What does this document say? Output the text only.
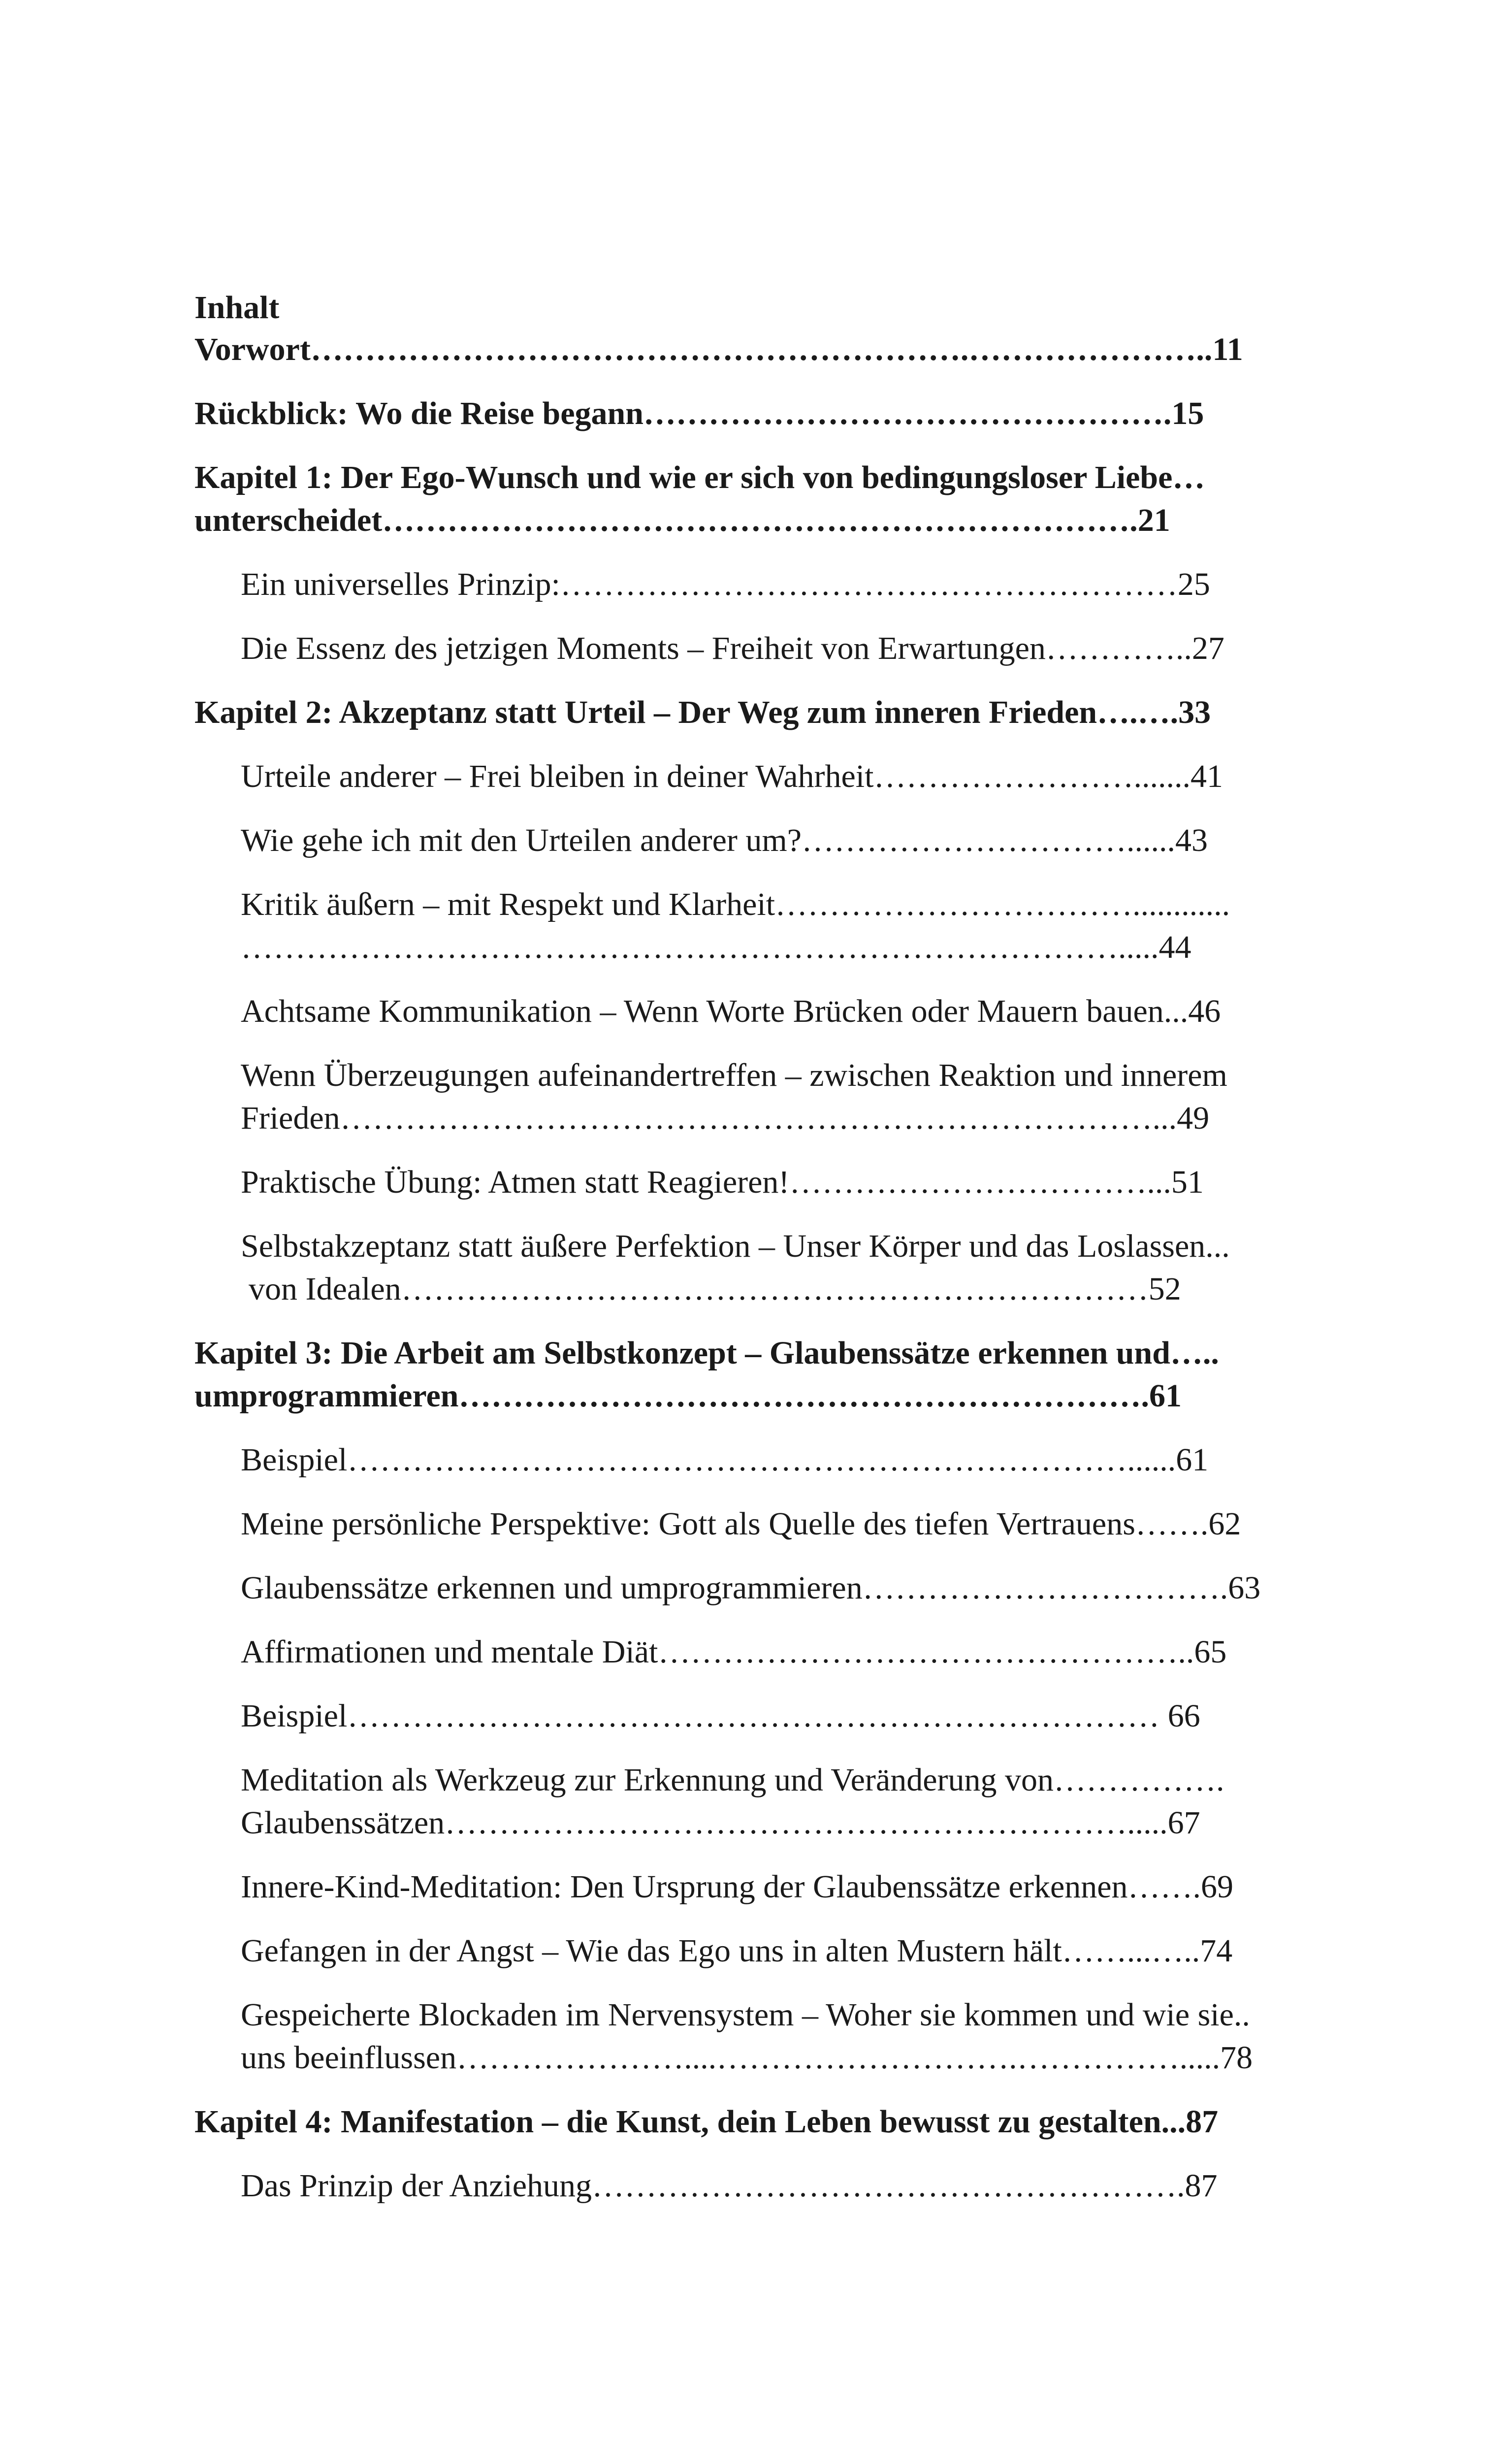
Inhalt
Vorwort…………………………………………………….…………………..11
Rückblick: Wo die Reise begann………………………………………….15
Kapitel 1: Der Ego-Wunsch und wie er sich von bedingungsloser Liebe…
unterscheidet…………………………………………………………….21
Ein universelles Prinzip:…………………………………………………25
Die Essenz des jetzigen Moments – Freiheit von Erwartungen…………..27
Kapitel 2: Akzeptanz statt Urteil – Der Weg zum inneren Frieden….….33
Urteile anderer – Frei bleiben in deiner Wahrheit…………………….......41
Wie gehe ich mit den Urteilen anderer um?…………………………......43
Kritik äußern – mit Respekt und Klarheit……………………………............
……………………………………………………………………….....44
Achtsame Kommunikation – Wenn Worte Brücken oder Mauern bauen...46
Wenn Überzeugungen aufeinandertreffen – zwischen Reaktion und innerem
Frieden…………………………………………………………………...49
Praktische Übung: Atmen statt Reagieren!……………………………...51
Selbstakzeptanz statt äußere Perfektion – Unser Körper und das Loslassen...
von Idealen……………………………………………………………52
Kapitel 3: Die Arbeit am Selbstkonzept – Glaubenssätze erkennen und…..
umprogrammieren……………………………………………………….61
Beispiel………………………………………………………………......61
Meine persönliche Perspektive: Gott als Quelle des tiefen Vertrauens…….62
Glaubenssätze erkennen und umprogrammieren…………………………….63
Affirmationen und mentale Diät…………………………………………..65
Beispiel………………………………………………………………… 66
Meditation als Werkzeug zur Erkennung und Veränderung von…………….
Glaubenssätzen……………………………………………………….....67
Innere-Kind-Meditation: Den Ursprung der Glaubenssätze erkennen…….69
Gefangen in der Angst – Wie das Ego uns in alten Mustern hält……...…..74
Gespeicherte Blockaden im Nervensystem – Woher sie kommen und wie sie..
uns beeinflussen…………………....……………………….…………….....78
Kapitel 4: Manifestation – die Kunst, dein Leben bewusst zu gestalten...87
Das Prinzip der Anziehung……………………………………………….87
